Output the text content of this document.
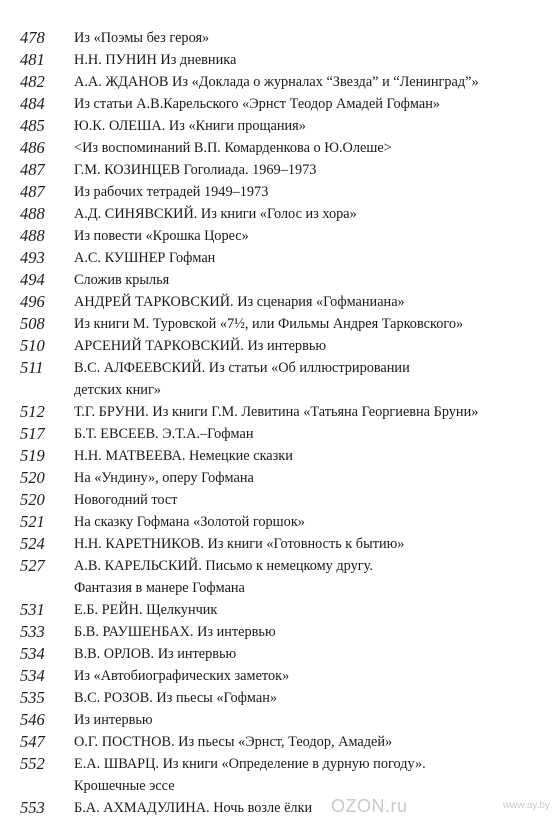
478	Из «Поэмы без героя»
481	Н.Н. ПУНИН Из дневника
482	А.А. ЖДАНОВ Из «Доклада о журналах “Звезда” и “Ленинград”»
484	Из статьи А.В.Карельского «Эрнст Теодор Амадей Гофман»
485	Ю.К. ОЛЕША. Из «Книги прощания»
486	<Из воспоминаний В.П. Комарденкова о Ю.Олеше>
487	Г.М. КОЗИНЦЕВ Гоголиада. 1969–1973
487	Из рабочих тетрадей 1949–1973
488	А.Д. СИНЯВСКИЙ. Из книги «Голос из хора»
488	Из повести «Крошка Цорес»
493	А.С. КУШНЕР Гофман
494	Сложив крылья
496	АНДРЕЙ ТАРКОВСКИЙ. Из сценария «Гофманиана»
508	Из книги М. Туровской «7½, или Фильмы Андрея Тарковского»
510	АРСЕНИЙ ТАРКОВСКИЙ. Из интервью
511	В.С. АЛФЕЕВСКИЙ. Из статьи «Об иллюстрировании
детских книг»
512	Т.Г. БРУНИ. Из книги Г.М. Левитина «Татьяна Георгиевна Бруни»
517	Б.Т. ЕВСЕЕВ. Э.Т.А.–Гофман
519	Н.Н. МАТВЕЕВА. Немецкие сказки
520	На «Ундину», оперу Гофмана
520	Новогодний тост
521	На сказку Гофмана «Золотой горшок»
524	Н.Н. КАРЕТНИКОВ. Из книги «Готовность к бытию»
527	А.В. КАРЕЛЬСКИЙ. Письмо к немецкому другу.
Фантазия в манере Гофмана
531	Е.Б. РЕЙН. Щелкунчик
533	Б.В. РАУШЕНБАХ. Из интервью
534	В.В. ОРЛОВ. Из интервью
534	Из «Автобиографических заметок»
535	В.С. РОЗОВ. Из пьесы «Гофман»
546	Из интервью
547	О.Г. ПОСТНОВ. Из пьесы «Эрнст, Теодор, Амадей»
552	Е.А. ШВАРЦ. Из книги «Определение в дурную погоду».
Крошечные эссе
553	Б.А. АХМАДУЛИНА. Ночь возле ёлки	OZON.ru	www.ay.by
